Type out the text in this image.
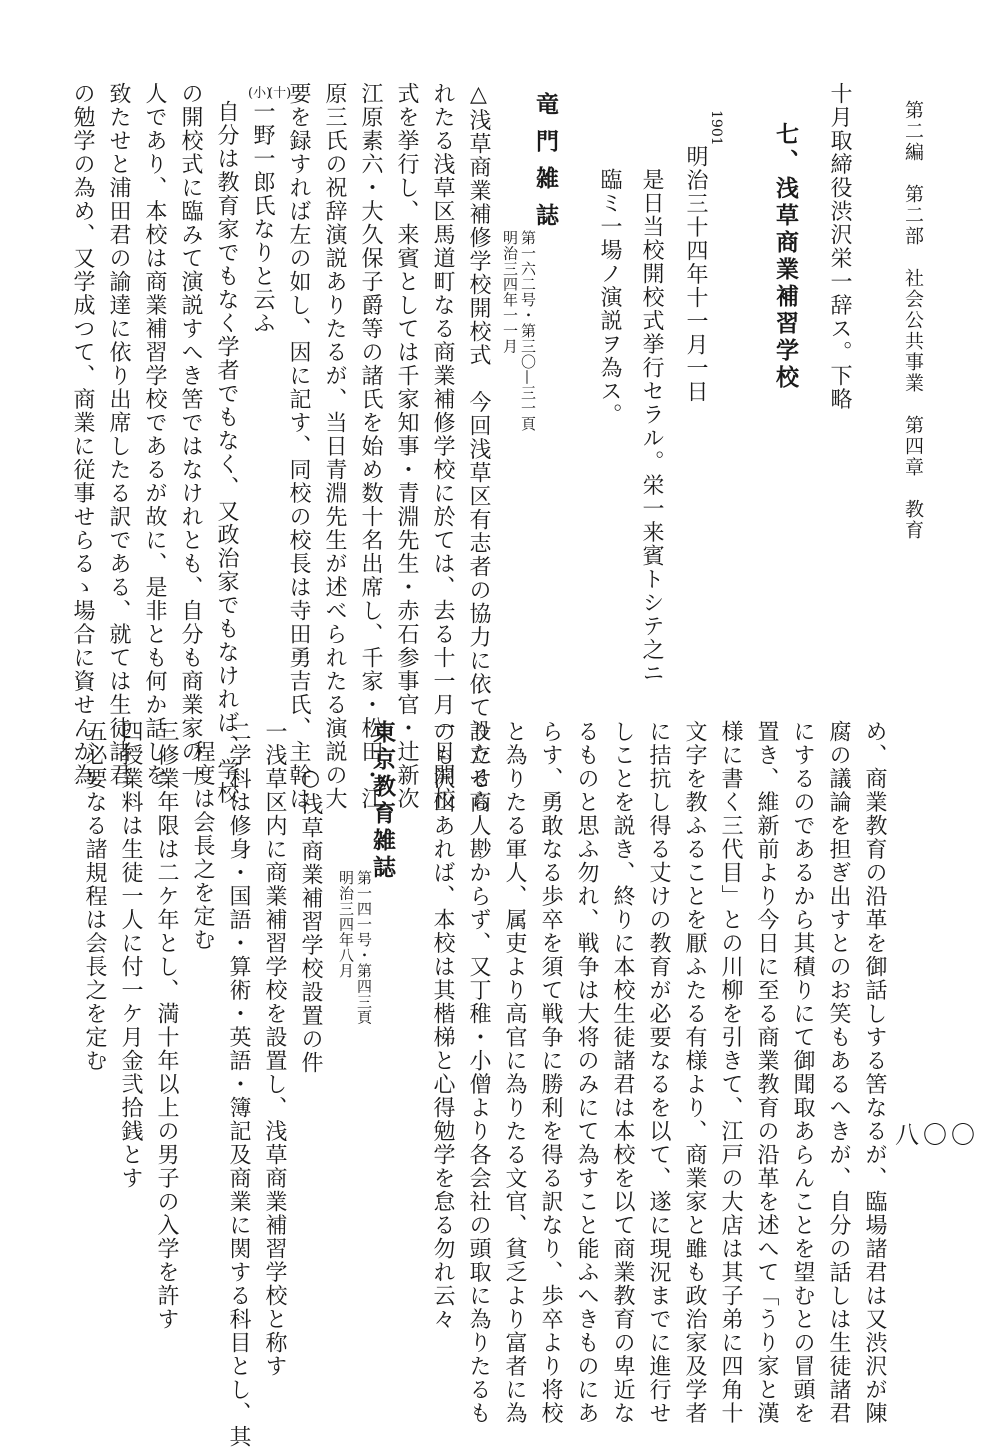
第二編　第二部　社会公共事業　第四章　教育
八〇〇
十月取締役渋沢栄一辞ス。下略
七、浅草商業補習学校
1901
明治三十四年十一月一日
是日当校開校式挙行セラル。栄一来賓トシテ之ニ
臨ミ一場ノ演説ヲ為ス。
竜門雑誌
第一六二号・第三〇—三一頁
明治三四年一一月
△浅草商業補修学校開校式　今回浅草区有志者の協力に依て設立せら
れたる浅草区馬道町なる商業補修学校に於ては、去る十一月一日開校
式を挙行し、来賓としては千家知事・青淵先生・赤石参事官・辻新次
江原素六・大久保子爵等の諸氏を始め数十名出席し、千家・松田・江
原三氏の祝辞演説ありたるが、当日青淵先生が述べられたる演説の大
要を録すれば左の如し、因に記す、同校の校長は寺田勇吉氏、主幹は
(小)
(十)
一野一郎氏なりと云ふ
自分は教育家でもなく学者でもなく、又政治家でもなければ、学校
の開校式に臨みて演説すへき筈ではなけれとも、自分も商業家の一
人であり、本校は商業補習学校であるが故に、是非とも何か話しを
致たせと浦田君の諭達に依り出席したる訳である、就ては生徒諸君
の勉学の為め、又学成つて、商業に従事せらるゝ場合に資せんが為
め、商業教育の沿革を御話しする筈なるが、臨場諸君は又渋沢が陳
腐の議論を担ぎ出すとのお笑もあるへきが、自分の話しは生徒諸君
にするのであるから其積りにて御聞取あらんことを望むとの冒頭を
置き、維新前より今日に至る商業教育の沿革を述へて「うり家と漢
様に書く三代目」との川柳を引きて、江戸の大店は其子弟に四角十
文字を教ふることを厭ふたる有様より、商業家と雖も政治家及学者
に拮抗し得る丈けの教育が必要なるを以て、遂に現況までに進行せ
しことを説き、終りに本校生徒諸君は本校を以て商業教育の卑近な
るものと思ふ勿れ、戦争は大将のみにて為すこと能ふへきものにあ
らす、勇敢なる歩卒を須て戦争に勝利を得る訳なり、歩卒より将校
と為りたる軍人、属吏より高官に為りたる文官、貧乏より富者に為
りたる商人尠からず、又丁稚・小僧より各会社の頭取に為りたるも
のも沢山あれば、本校は其楷梯と心得勉学を怠る勿れ云々
東京教育雑誌
第一四一号・第四三頁
明治三四年八月
○浅草商業補習学校設置の件
一浅草区内に商業補習学校を設置し、浅草商業補習学校と称す
二学科は修身・国語・算術・英語・簿記及商業に関する科目とし、其
程度は会長之を定む
三修業年限は二ケ年とし、満十年以上の男子の入学を許す
四授業料は生徒一人に付一ケ月金弐拾銭とす
五必要なる諸規程は会長之を定む
